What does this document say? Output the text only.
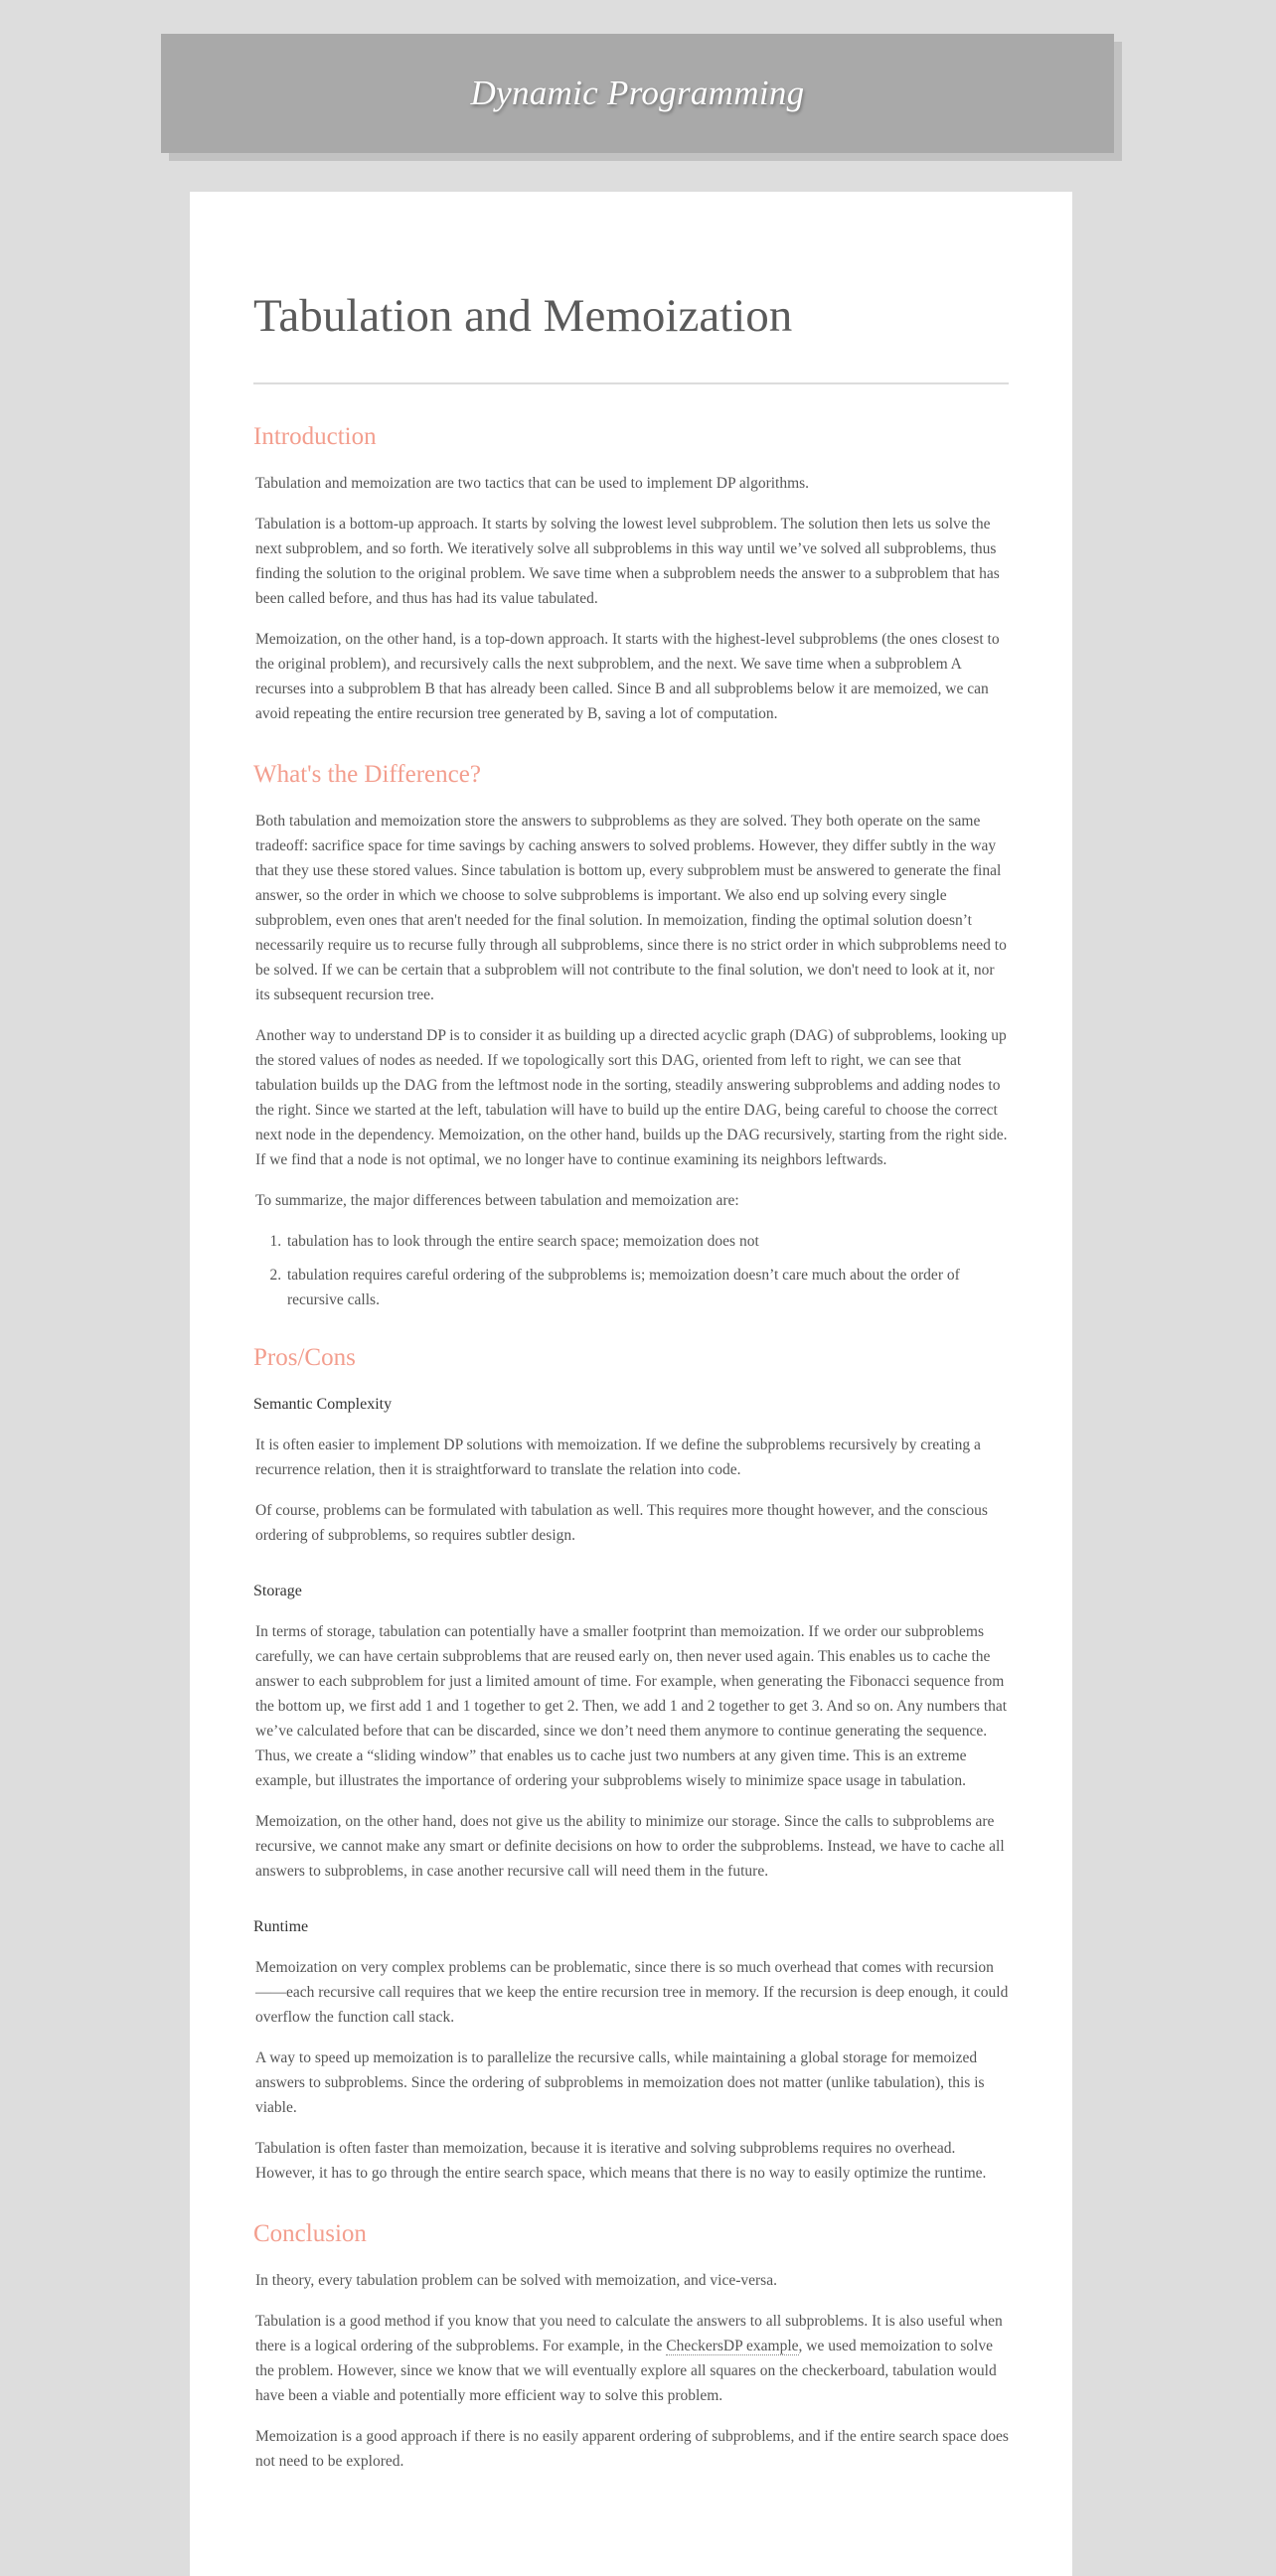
Dynamic Programming
Tabulation and Memoization
Introduction

Tabulation and memoization are two tactics that can be used to implement DP algorithms.

Tabulation is a bottom-up approach. It starts by solving the lowest level subproblem. The solution then lets us solve the next subproblem, and so forth. We iteratively solve all subproblems in this way until we’ve solved all subproblems, thus finding the solution to the original problem. We save time when a subproblem needs the answer to a subproblem that has been called before, and thus has had its value tabulated.

Memoization, on the other hand, is a top-down approach. It starts with the highest-level subproblems (the ones closest to the original problem), and recursively calls the next subproblem, and the next. We save time when a subproblem A recurses into a subproblem B that has already been called. Since B and all subproblems below it are memoized, we can avoid repeating the entire recursion tree generated by B, saving a lot of computation.

What's the Difference?

Both tabulation and memoization store the answers to subproblems as they are solved. They both operate on the same tradeoff: sacrifice space for time savings by caching answers to solved problems. However, they differ subtly in the way that they use these stored values. Since tabulation is bottom up, every subproblem must be answered to generate the final answer, so the order in which we choose to solve subproblems is important. We also end up solving every single subproblem, even ones that aren't needed for the final solution. In memoization, finding the optimal solution doesn’t necessarily require us to recurse fully through all subproblems, since there is no strict order in which subproblems need to be solved. If we can be certain that a subproblem will not contribute to the final solution, we don't need to look at it, nor its subsequent recursion tree.

Another way to understand DP is to consider it as building up a directed acyclic graph (DAG) of subproblems, looking up the stored values of nodes as needed. If we topologically sort this DAG, oriented from left to right, we can see that tabulation builds up the DAG from the leftmost node in the sorting, steadily answering subproblems and adding nodes to the right. Since we started at the left, tabulation will have to build up the entire DAG, being careful to choose the correct next node in the dependency. Memoization, on the other hand, builds up the DAG recursively, starting from the right side. If we find that a node is not optimal, we no longer have to continue examining its neighbors leftwards.

To summarize, the major differences between tabulation and memoization are:

1. tabulation has to look through the entire search space; memoization does not
2. tabulation requires careful ordering of the subproblems is; memoization doesn’t care much about the order of recursive calls.
Pros/Cons
Semantic Complexity

It is often easier to implement DP solutions with memoization. If we define the subproblems recursively by creating a recurrence relation, then it is straightforward to translate the relation into code.

Of course, problems can be formulated with tabulation as well. This requires more thought however, and the conscious ordering of subproblems, so requires subtler design.

Storage

In terms of storage, tabulation can potentially have a smaller footprint than memoization. If we order our subproblems carefully, we can have certain subproblems that are reused early on, then never used again. This enables us to cache the answer to each subproblem for just a limited amount of time. For example, when generating the Fibonacci sequence from the bottom up, we first add 1 and 1 together to get 2. Then, we add 1 and 2 together to get 3. And so on. Any numbers that we’ve calculated before that can be discarded, since we don’t need them anymore to continue generating the sequence. Thus, we create a “sliding window” that enables us to cache just two numbers at any given time. This is an extreme example, but illustrates the importance of ordering your subproblems wisely to minimize space usage in tabulation.

Memoization, on the other hand, does not give us the ability to minimize our storage. Since the calls to subproblems are recursive, we cannot make any smart or definite decisions on how to order the subproblems. Instead, we have to cache all answers to subproblems, in case another recursive call will need them in the future.

Runtime

Memoization on very complex problems can be problematic, since there is so much overhead that comes with recursion——each recursive call requires that we keep the entire recursion tree in memory. If the recursion is deep enough, it could overflow the function call stack.

A way to speed up memoization is to parallelize the recursive calls, while maintaining a global storage for memoized answers to subproblems. Since the ordering of subproblems in memoization does not matter (unlike tabulation), this is viable.

Tabulation is often faster than memoization, because it is iterative and solving subproblems requires no overhead. However, it has to go through the entire search space, which means that there is no way to easily optimize the runtime.

Conclusion

In theory, every tabulation problem can be solved with memoization, and vice-versa.

Tabulation is a good method if you know that you need to calculate the answers to all subproblems. It is also useful when there is a logical ordering of the subproblems. For example, in the CheckersDP example, we used memoization to solve the problem. However, since we know that we will eventually explore all squares on the checkerboard, tabulation would have been a viable and potentially more efficient way to solve this problem.

Memoization is a good approach if there is no easily apparent ordering of subproblems, and if the entire search space does not need to be explored.
